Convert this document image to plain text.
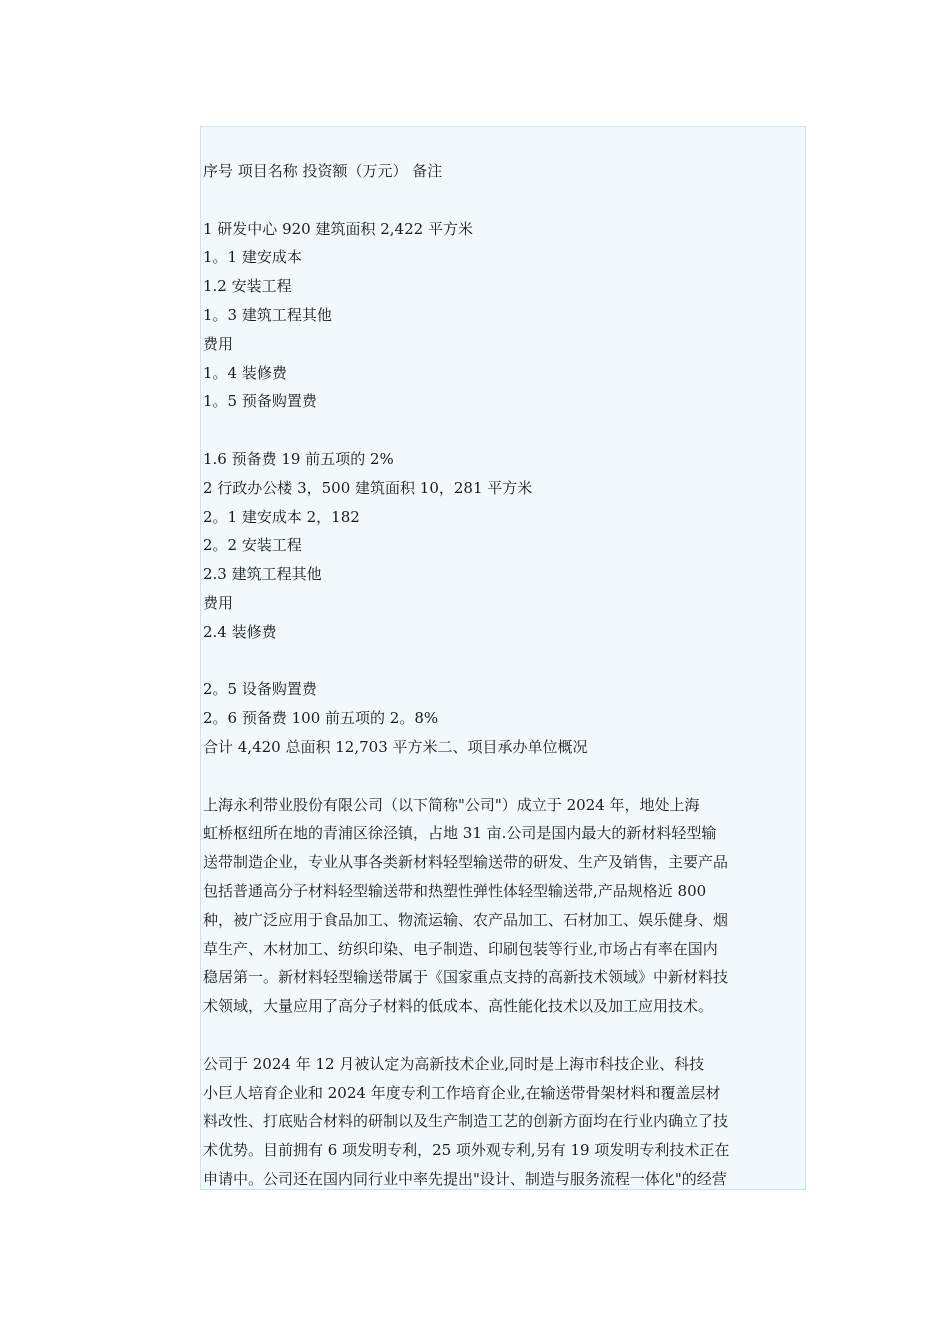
序号 项目名称 投资额（万元） 备注
1 研发中心 920 建筑面积 2,422 平方米
1。1 建安成本
1.2 安装工程
1。3 建筑工程其他
费用
1。4 装修费
1。5 预备购置费
1.6 预备费 19 前五项的 2%
2 行政办公楼 3，500 建筑面积 10，281 平方米
2。1 建安成本 2，182
2。2 安装工程
2.3 建筑工程其他
费用
2.4 装修费
2。5 设备购置费
2。6 预备费 100 前五项的 2。8%
合计 4,420 总面积 12,703 平方米二、项目承办单位概况
上海永利带业股份有限公司（以下简称"公司"）成立于 2024 年，地处上海
虹桥枢纽所在地的青浦区徐泾镇，占地 31 亩.公司是国内最大的新材料轻型输
送带制造企业，专业从事各类新材料轻型输送带的研发、生产及销售，主要产品
包括普通高分子材料轻型输送带和热塑性弹性体轻型输送带,产品规格近 800
种，被广泛应用于食品加工、物流运输、农产品加工、石材加工、娱乐健身、烟
草生产、木材加工、纺织印染、电子制造、印刷包装等行业,市场占有率在国内
稳居第一。新材料轻型输送带属于《国家重点支持的高新技术领域》中新材料技
术领域，大量应用了高分子材料的低成本、高性能化技术以及加工应用技术。
公司于 2024 年 12 月被认定为高新技术企业,同时是上海市科技企业、科技
小巨人培育企业和 2024 年度专利工作培育企业,在输送带骨架材料和覆盖层材
料改性、打底贴合材料的研制以及生产制造工艺的创新方面均在行业内确立了技
术优势。目前拥有 6 项发明专利，25 项外观专利,另有 19 项发明专利技术正在
申请中。公司还在国内同行业中率先提出"设计、制造与服务流程一体化"的经营
